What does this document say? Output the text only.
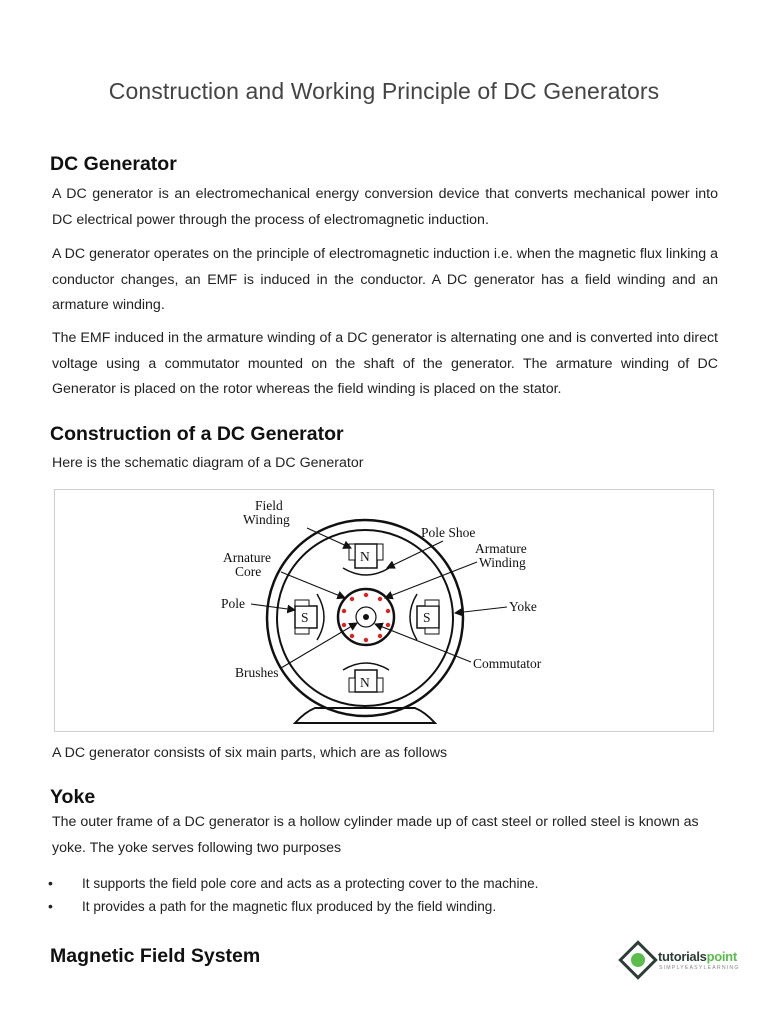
Construction and Working Principle of DC Generators
DC Generator

A DC generator is an electromechanical energy conversion device that converts mechanical power into DC electrical power through the process of electromagnetic induction.

A DC generator operates on the principle of electromagnetic induction i.e. when the magnetic flux linking a conductor changes, an EMF is induced in the conductor. A DC generator has a field winding and an armature winding.

The EMF induced in the armature winding of a DC generator is alternating one and is converted into direct voltage using a commutator mounted on the shaft of the generator. The armature winding of DC Generator is placed on the rotor whereas the field winding is placed on the stator.

Construction of a DC Generator

Here is the schematic diagram of a DC Generator

N
N
S	S
Field
Winding
Pole Shoe
Arnature
Core
Armature
Winding
Pole	Yoke
Brushes
Commutator

A DC generator consists of six main parts, which are as follows

Yoke

The outer frame of a DC generator is a hollow cylinder made up of cast steel or rolled steel is known as yoke. The yoke serves following two purposes

• It supports the field pole core and acts as a protecting cover to the machine.
• It provides a path for the magnetic flux produced by the field winding.
Magnetic Field System	tutorialspoint
SIMPLYEASYLEARNING
